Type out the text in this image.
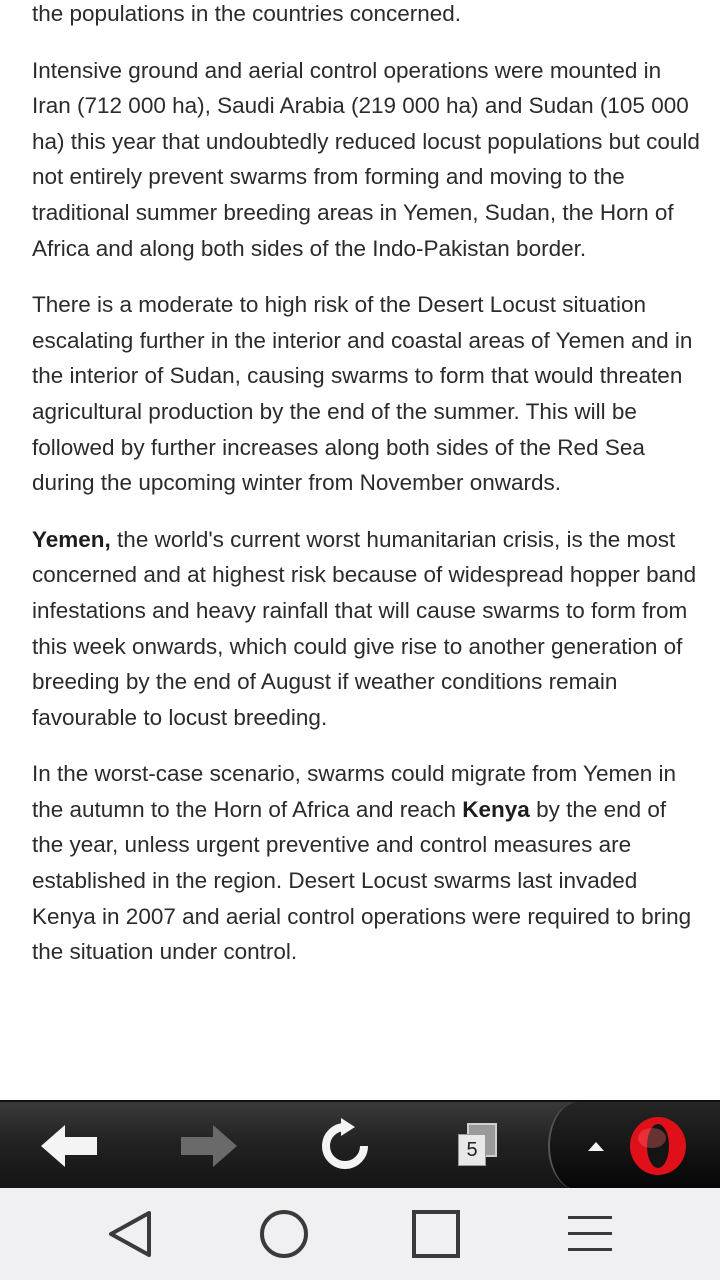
the populations in the countries concerned.

Intensive ground and aerial control operations were mounted in Iran (712 000 ha), Saudi Arabia (219 000 ha) and Sudan (105 000 ha) this year that undoubtedly reduced locust populations but could not entirely prevent swarms from forming and moving to the traditional summer breeding areas in Yemen, Sudan, the Horn of Africa and along both sides of the Indo-Pakistan border.

There is a moderate to high risk of the Desert Locust situation escalating further in the interior and coastal areas of Yemen and in the interior of Sudan, causing swarms to form that would threaten agricultural production by the end of the summer. This will be followed by further increases along both sides of the Red Sea during the upcoming winter from November onwards.

Yemen, the world's current worst humanitarian crisis, is the most concerned and at highest risk because of widespread hopper band infestations and heavy rainfall that will cause swarms to form from this week onwards, which could give rise to another generation of breeding by the end of August if weather conditions remain favourable to locust breeding.

In the worst-case scenario, swarms could migrate from Yemen in the autumn to the Horn of Africa and reach Kenya by the end of the year, unless urgent preventive and control measures are established in the region. Desert Locust swarms last invaded Kenya in 2007 and aerial control operations were required to bring the situation under control.

5
